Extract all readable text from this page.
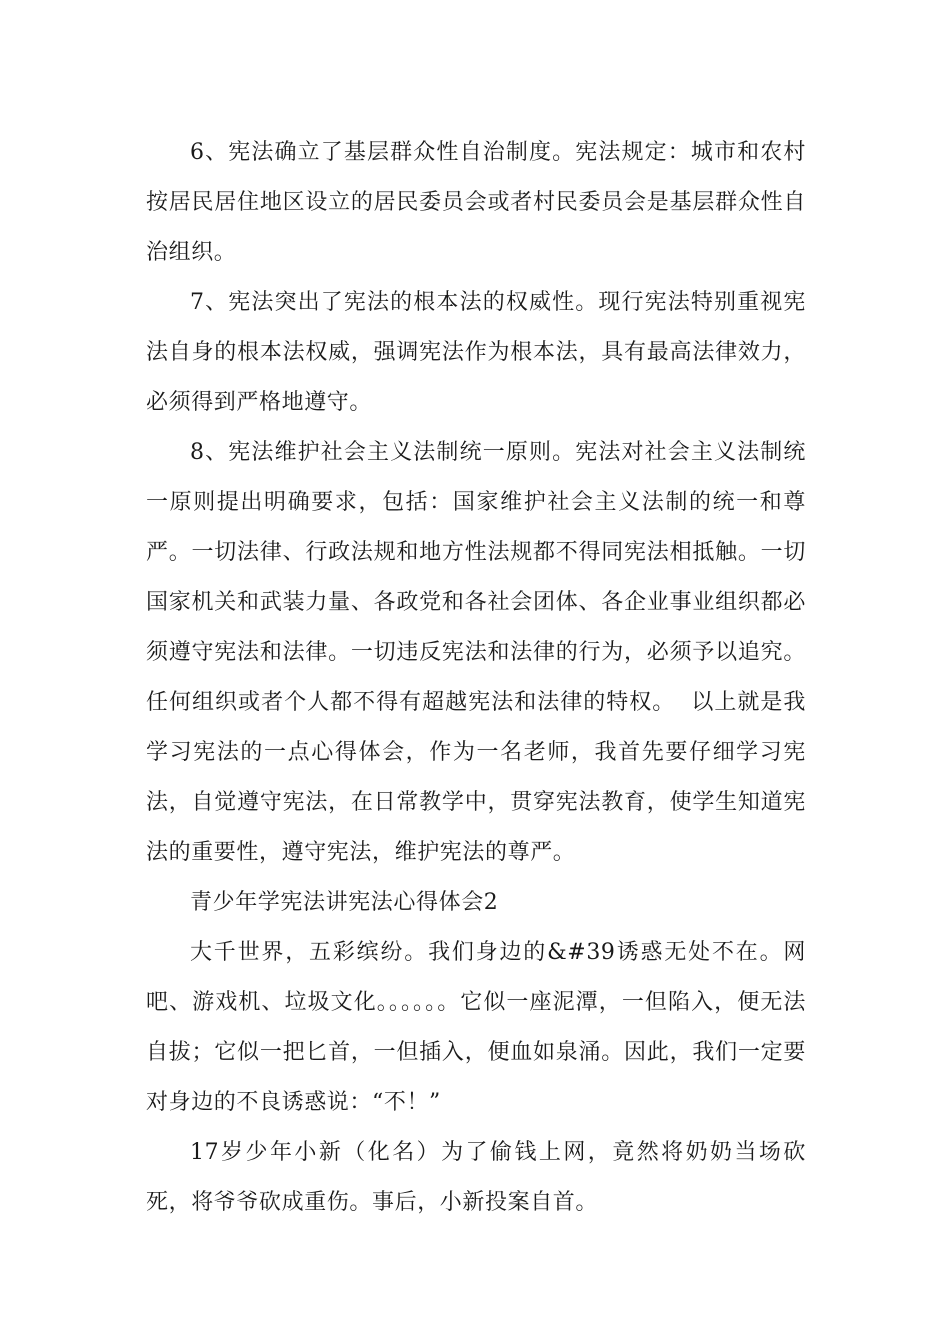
6、宪法确立了基层群众性自治制度。宪法规定：城市和农村按居民居住地区设立的居民委员会或者村民委员会是基层群众性自治组织。

7、宪法突出了宪法的根本法的权威性。现行宪法特别重视宪法自身的根本法权威，强调宪法作为根本法，具有最高法律效力，必须得到严格地遵守。

8、宪法维护社会主义法制统一原则。宪法对社会主义法制统一原则提出明确要求，包括：国家维护社会主义法制的统一和尊严。一切法律、行政法规和地方性法规都不得同宪法相抵触。一切国家机关和武装力量、各政党和各社会团体、各企业事业组织都必须遵守宪法和法律。一切违反宪法和法律的行为，必须予以追究。任何组织或者个人都不得有超越宪法和法律的特权。  以上就是我学习宪法的一点心得体会，作为一名老师，我首先要仔细学习宪法，自觉遵守宪法，在日常教学中，贯穿宪法教育，使学生知道宪法的重要性，遵守宪法，维护宪法的尊严。

青少年学宪法讲宪法心得体会2

大千世界，五彩缤纷。我们身边的&#39诱惑无处不在。网吧、游戏机、垃圾文化。。。。。。它似一座泥潭，一但陷入，便无法自拔；它似一把匕首，一但插入，便血如泉涌。因此，我们一定要对身边的不良诱惑说：“不！”

17岁少年小新（化名）为了偷钱上网，竟然将奶奶当场砍死，将爷爷砍成重伤。事后，小新投案自首。
